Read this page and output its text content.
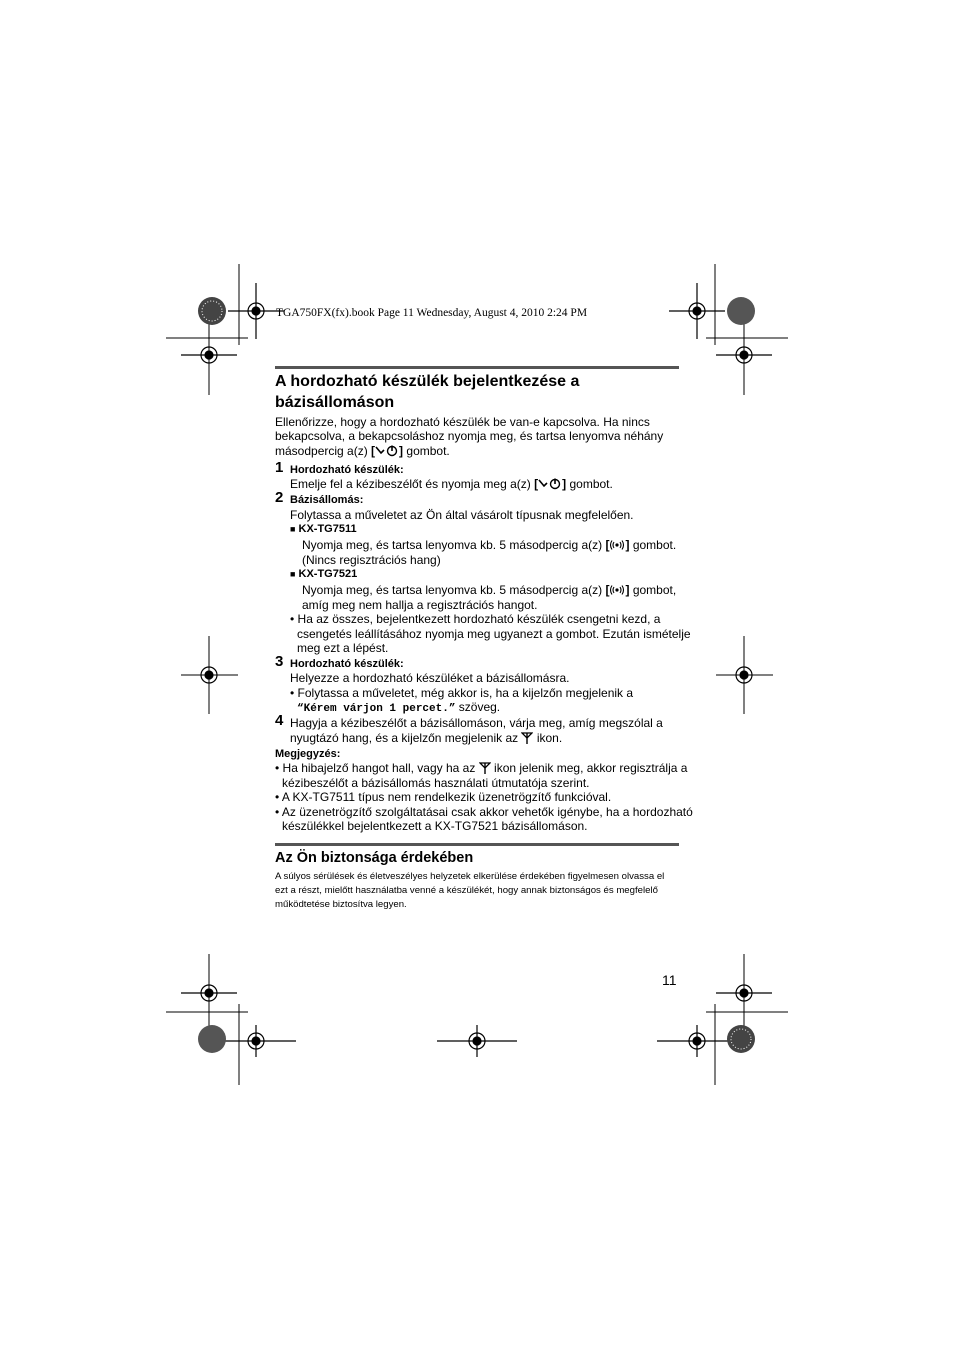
TGA750FX(fx).book Page 11 Wednesday, August 4, 2010 2:24 PM
A hordozható készülék bejelentkezése a
bázisállomáson
Ellenőrizze, hogy a hordozható készülék be van-e kapcsolva. Ha nincs
bekapcsolva, a bekapcsoláshoz nyomja meg, és tartsa lenyomva néhány
másodpercig a(z) [ ] gombot.
1 Hordozható készülék:
Emelje fel a kézibeszélőt és nyomja meg a(z) [ ] gombot.
2 Bázisállomás:
Folytassa a műveletet az Ön által vásárolt típusnak megfelelően.
■ KX-TG7511
Nyomja meg, és tartsa lenyomva kb. 5 másodpercig a(z) [ ] gombot.
(Nincs regisztrációs hang)
■ KX-TG7521
Nyomja meg, és tartsa lenyomva kb. 5 másodpercig a(z) [ ] gombot,
amíg meg nem hallja a regisztrációs hangot.
• Ha az összes, bejelentkezett hordozható készülék csengetni kezd, a
csengetés leállításához nyomja meg ugyanezt a gombot. Ezután ismételje
meg ezt a lépést.
3 Hordozható készülék:
Helyezze a hordozható készüléket a bázisállomásra.
• Folytassa a műveletet, még akkor is, ha a kijelzőn megjelenik a
“Kérem várjon 1 percet.” szöveg.
4 Hagyja a kézibeszélőt a bázisállomáson, várja meg, amíg megszólal a
nyugtázó hang, és a kijelzőn megjelenik az ikon.
Megjegyzés:
• Ha hibajelző hangot hall, vagy ha az ikon jelenik meg, akkor regisztrálja a
kézibeszélőt a bázisállomás használati útmutatója szerint.
• A KX-TG7511 típus nem rendelkezik üzenetrögzítő funkcióval.
• Az üzenetrögzítő szolgáltatásai csak akkor vehetők igénybe, ha a hordozható
készülékkel bejelentkezett a KX-TG7521 bázisállomáson.
Az Ön biztonsága érdekében
A súlyos sérülések és életveszélyes helyzetek elkerülése érdekében figyelmesen olvassa el
ezt a részt, mielőtt használatba venné a készülékét, hogy annak biztonságos és megfelelő
működtetése biztosítva legyen.
11
